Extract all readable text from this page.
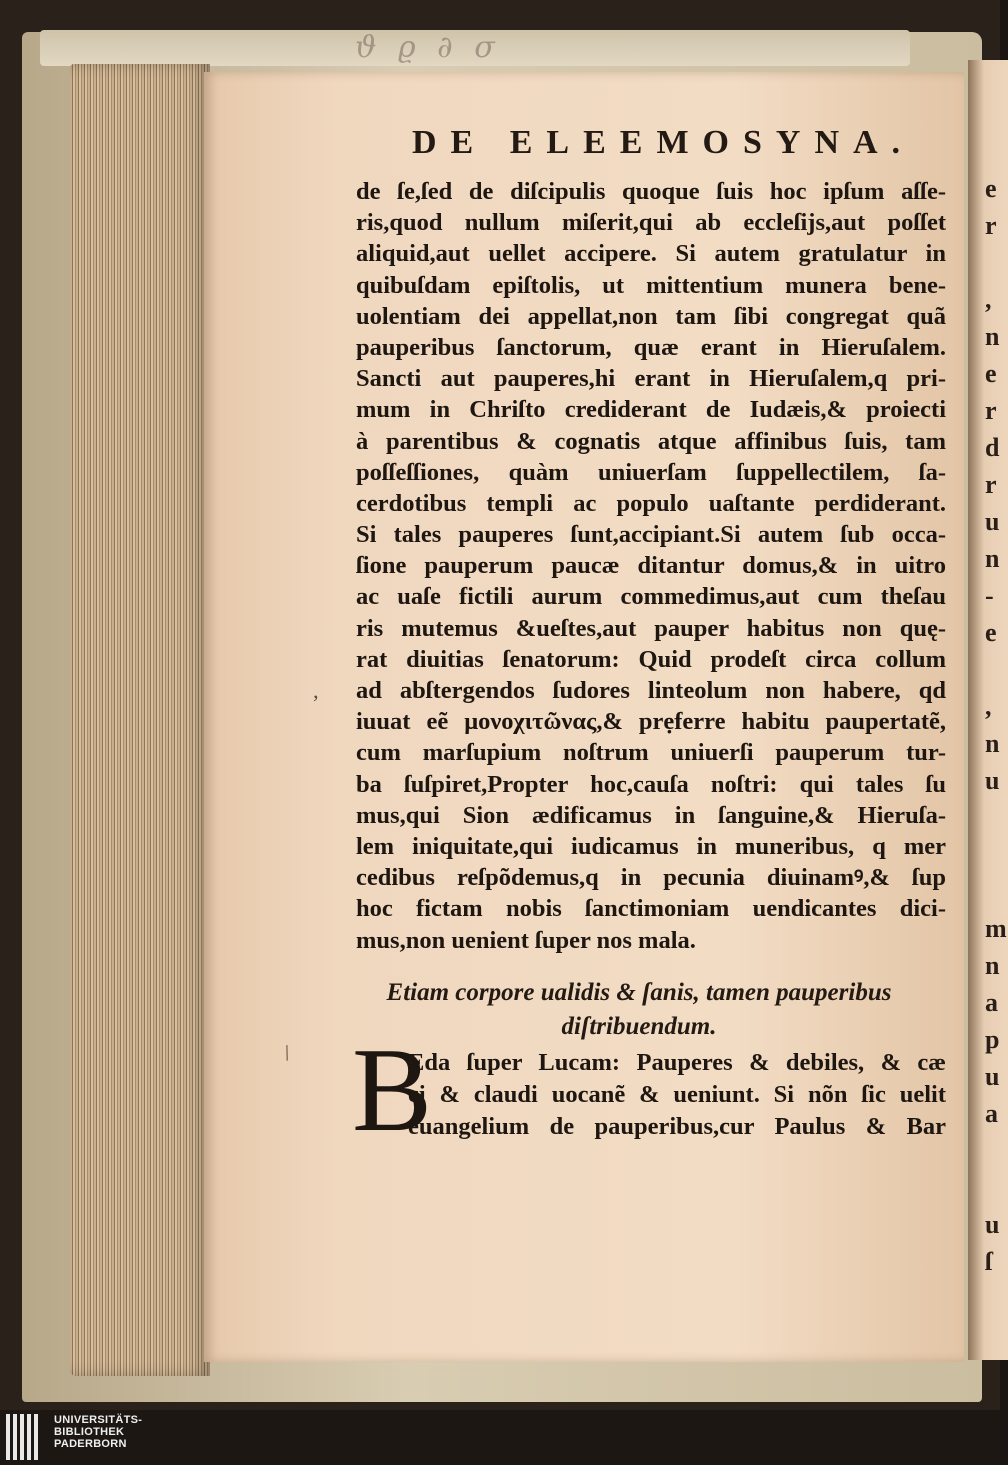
ϑ ϱ ∂ σ
e
r
,
n
e
r
d
r
u
n
-
e
,
n
u
m
n
a
p
u
a
u
ſ
DE ELEEMOSYNA.
de ſe,ſed de diſcipulis quoque ſuis hoc ipſum aſſe-
ris,quod nullum miſerit,qui ab eccleſijs,aut poſſet
aliquid,aut uellet accipere. Si autem gratulatur in
quibuſdam epiſtolis, ut mittentium munera bene-
uolentiam dei appellat,non tam ſibi congregat quã
pauperibus ſanctorum, quæ erant in Hieruſalem.
Sancti aut pauperes,hi erant in Hieruſalem,q pri-
mum in Chriſto crediderant de Iudæis,& proiecti
à parentibus & cognatis atque affinibus ſuis, tam
poſſeſſiones, quàm uniuerſam ſuppellectilem, ſa-
cerdotibus templi ac populo uaſtante perdiderant.
Si tales pauperes ſunt,accipiant.Si autem ſub occa-
ſione pauperum paucæ ditantur domus,& in uitro
ac uaſe fictili aurum commedimus,aut cum theſau
ris mutemus &ueſtes,aut pauper habitus non quę-
rat diuitias ſenatorum: Quid prodeſt circa collum
ad abſtergendos ſudores linteolum non habere, qd
iuuat eẽ μονοχιτῶνας,& prẹferre habitu paupertatẽ,
cum marſupium noſtrum uniuerſi pauperum tur-
ba ſuſpiret,Propter hoc,cauſa noſtri: qui tales ſu
mus,qui Sion ædificamus in ſanguine,& Hieruſa-
lem iniquitate,qui iudicamus in muneribus, q mer
cedibus reſpõdemus,q in pecunia diuinamꝰ,& ſup
hoc fictam nobis ſanctimoniam uendicantes dici-
mus,non uenient ſuper nos mala.
Etiam corpore ualidis & ſanis, tamen pauperibus
diſtribuendum.
B
Eda ſuper Lucam: Pauperes & debiles, & cæ
ci & claudi uocanẽ & ueniunt. Si nõn ſic uelit
euangelium de pauperibus,cur Paulus & Bar
/
‚
UNIVERSITÄTS-
BIBLIOTHEK
PADERBORN
